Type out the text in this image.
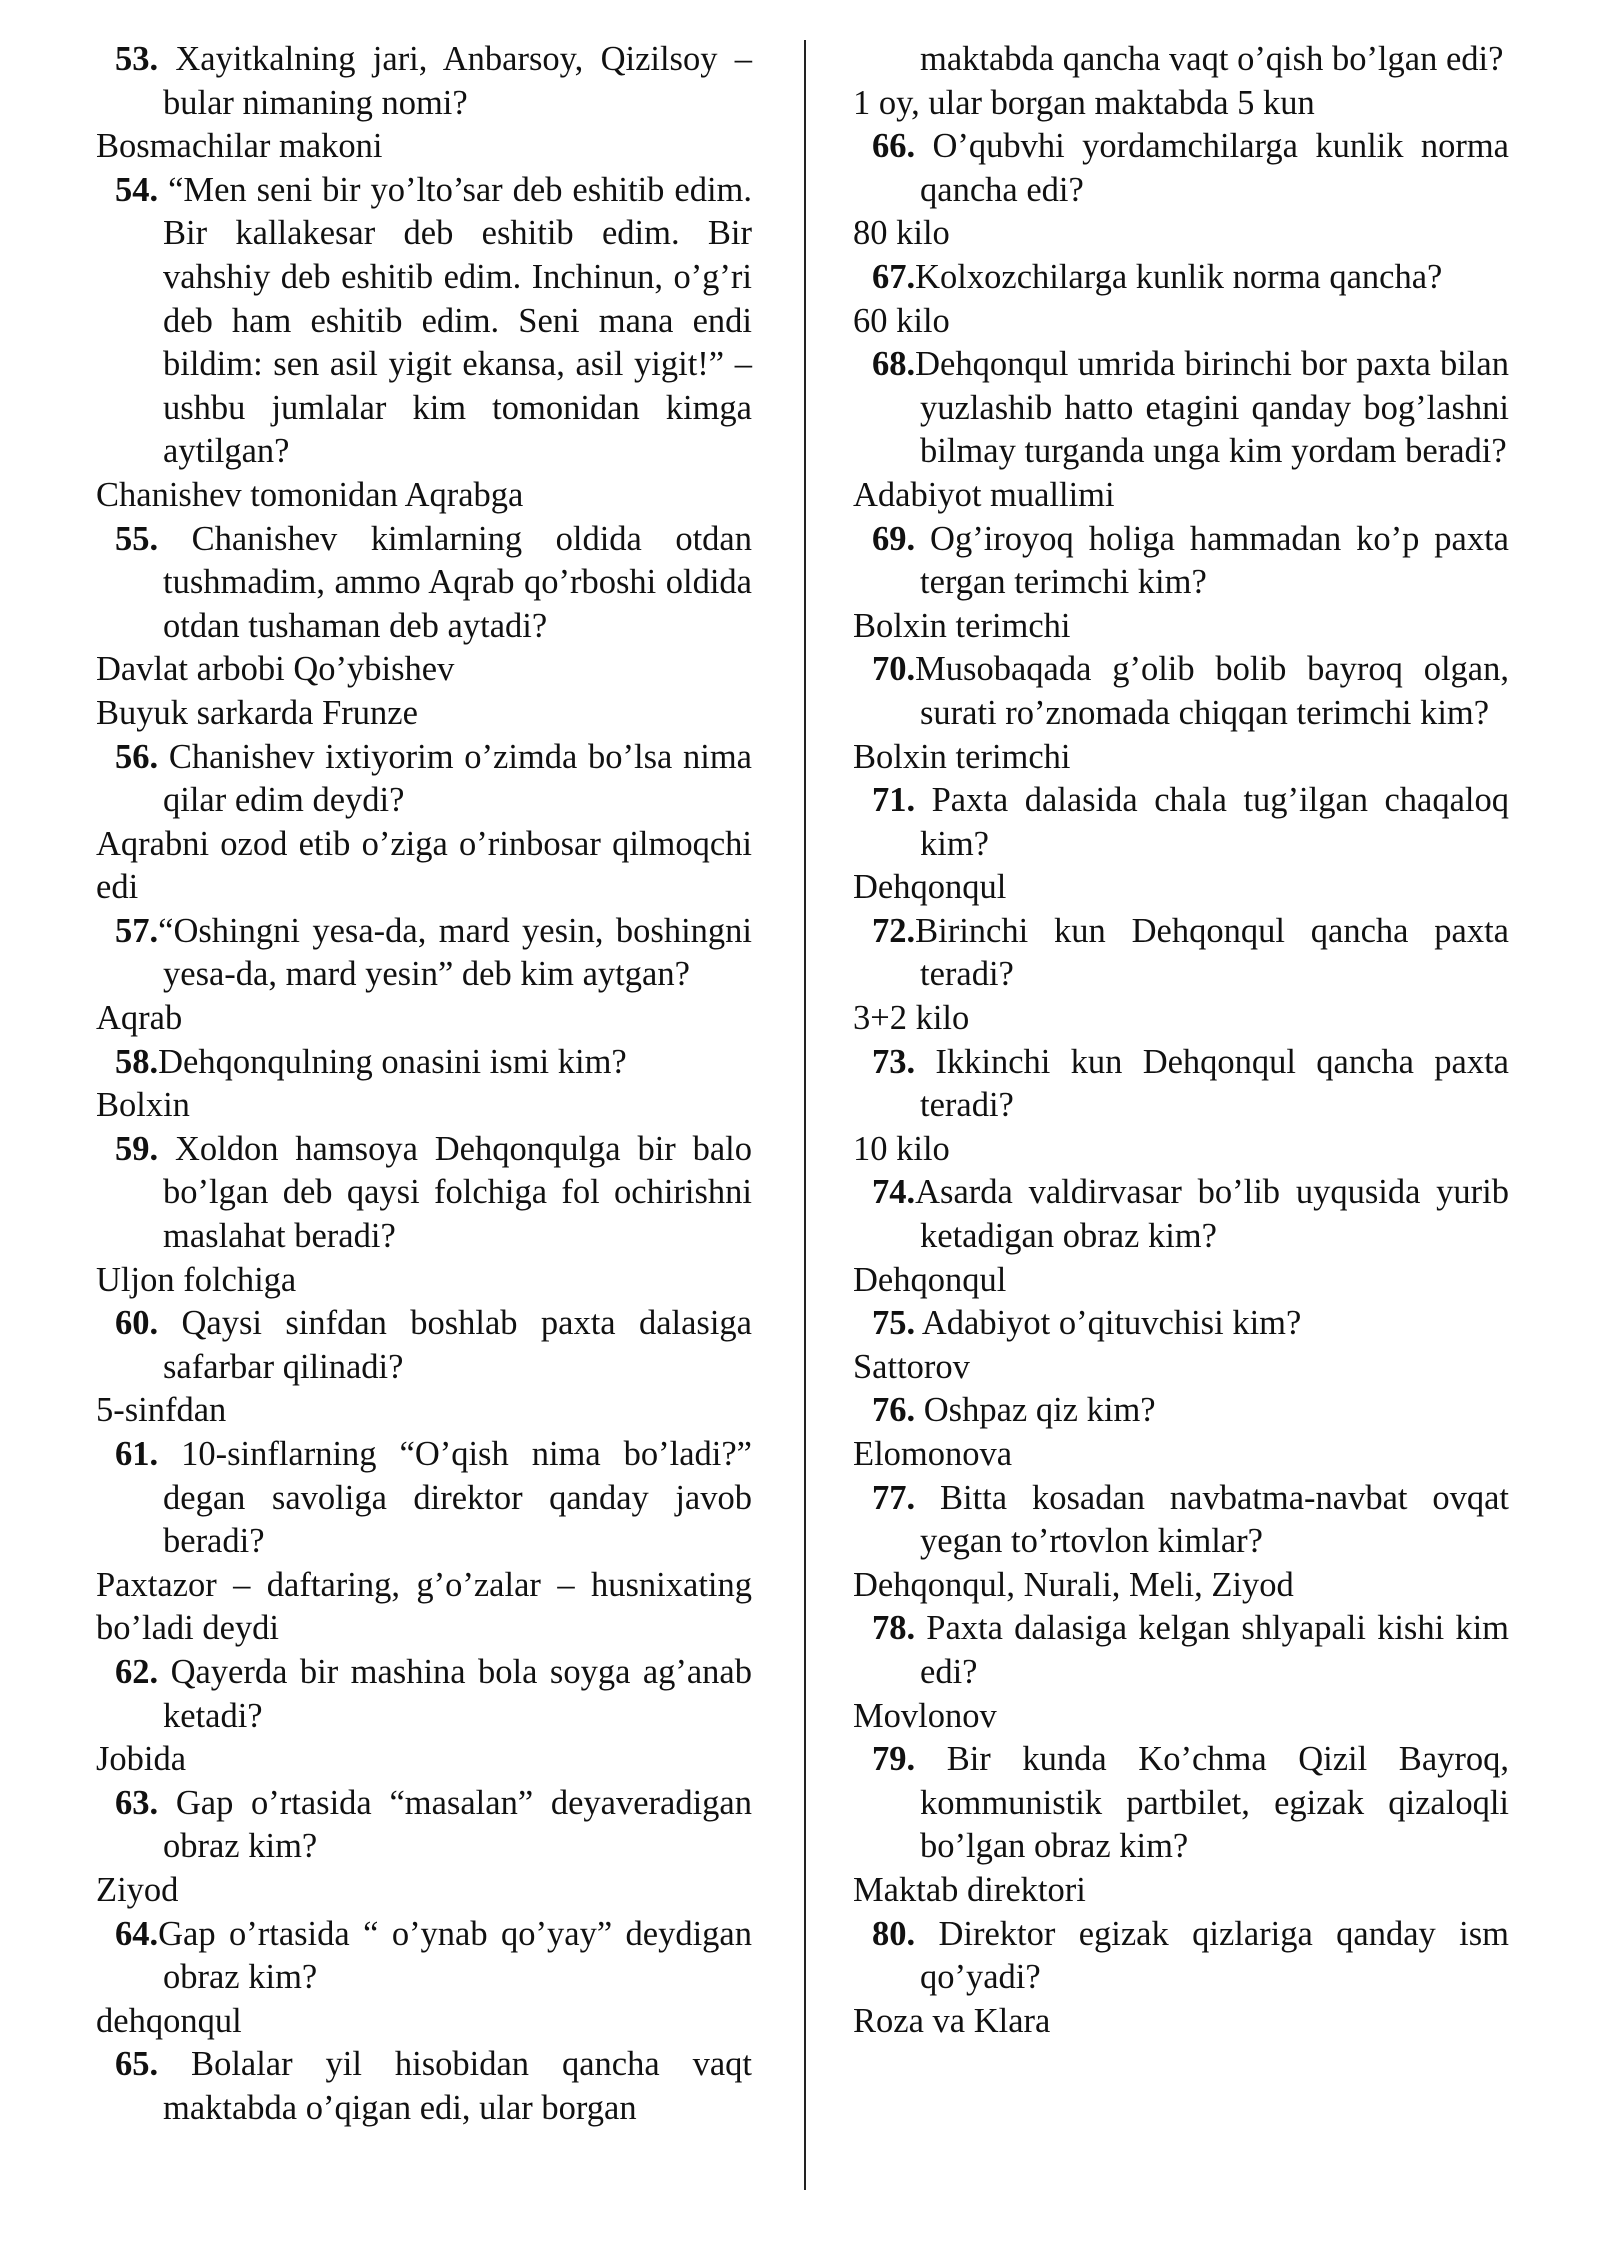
53. Xayitkalning jari, Anbarsoy, Qizilsoy – bular nimaning nomi?
Bosmachilar makoni
54. “Men seni bir yo’lto’sar deb eshitib edim. Bir kallakesar deb eshitib edim. Bir vahshiy deb eshitib edim. Inchinun, o’g’ri deb ham eshitib edim. Seni mana endi bildim: sen asil yigit ekansa, asil yigit!” – ushbu jumlalar kim tomonidan kimga aytilgan?
Chanishev tomonidan Aqrabga
55. Chanishev kimlarning oldida otdan tushmadim, ammo Aqrab qo’rboshi oldida otdan tushaman deb aytadi?
Davlat arbobi Qo’ybishev
Buyuk sarkarda Frunze
56. Chanishev ixtiyorim o’zimda bo’lsa nima qilar edim deydi?
Aqrabni ozod etib o’ziga o’rinbosar qilmoqchi edi
57.“Oshingni yesa-da, mard yesin, boshingni yesa-da, mard yesin” deb kim aytgan?
Aqrab
58.Dehqonqulning onasini ismi kim?
Bolxin
59. Xoldon hamsoya Dehqonqulga bir balo bo’lgan deb qaysi folchiga fol ochirishni maslahat beradi?
Uljon folchiga
60. Qaysi sinfdan boshlab paxta dalasiga safarbar qilinadi?
5-sinfdan
61. 10-sinflarning “O’qish nima bo’ladi?” degan savoliga direktor qanday javob beradi?
Paxtazor – daftaring, g’o’zalar – husnixating bo’ladi deydi
62. Qayerda bir mashina bola soyga ag’anab ketadi?
Jobida
63. Gap o’rtasida “masalan” deyaveradigan obraz kim?
Ziyod
64.Gap o’rtasida “ o’ynab qo’yay” deydigan obraz kim?
dehqonqul
65. Bolalar yil hisobidan qancha vaqt maktabda o’qigan edi, ular borgan
maktabda qancha vaqt o’qish bo’lgan edi?
1 oy, ular borgan maktabda 5 kun
66. O’qubvhi yordamchilarga kunlik norma qancha edi?
80 kilo
67.Kolxozchilarga kunlik norma qancha?
60 kilo
68.Dehqonqul umrida birinchi bor paxta bilan yuzlashib hatto etagini qanday bog’lashni bilmay turganda unga kim yordam beradi?
Adabiyot muallimi
69. Og’iroyoq holiga hammadan ko’p paxta tergan terimchi kim?
Bolxin terimchi
70.Musobaqada g’olib bolib bayroq olgan, surati ro’znomada chiqqan terimchi kim?
Bolxin terimchi
71. Paxta dalasida chala tug’ilgan chaqaloq kim?
Dehqonqul
72.Birinchi kun Dehqonqul qancha paxta teradi?
3+2 kilo
73. Ikkinchi kun Dehqonqul qancha paxta teradi?
10 kilo
74.Asarda valdirvasar bo’lib uyqusida yurib ketadigan obraz kim?
Dehqonqul
75. Adabiyot o’qituvchisi kim?
Sattorov
76. Oshpaz qiz kim?
Elomonova
77. Bitta kosadan navbatma-navbat ovqat yegan to’rtovlon kimlar?
Dehqonqul, Nurali, Meli, Ziyod
78. Paxta dalasiga kelgan shlyapali kishi kim edi?
Movlonov
79. Bir kunda Ko’chma Qizil Bayroq, kommunistik partbilet, egizak qizaloqli bo’lgan obraz kim?
Maktab direktori
80. Direktor egizak qizlariga qanday ism qo’yadi?
Roza va Klara
